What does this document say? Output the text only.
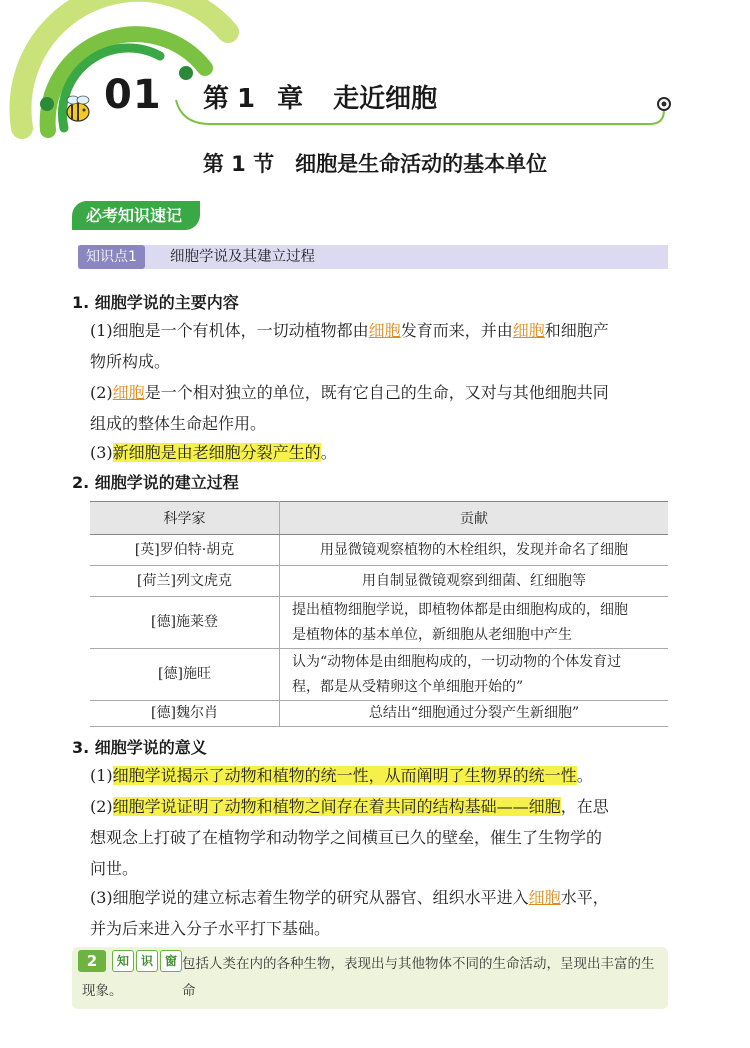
01 第 1 章 走近细胞
第 1 节　细胞是生命活动的基本单位
必考知识速记
知识点1	细胞学说及其建立过程
1. 细胞学说的主要内容
(1)细胞是一个有机体，一切动植物都由细胞发育而来，并由细胞和细胞产
物所构成。
(2)细胞是一个相对独立的单位，既有它自己的生命，又对与其他细胞共同
组成的整体生命起作用。
(3)新细胞是由老细胞分裂产生的。
2. 细胞学说的建立过程
科学家	贡献
[英]罗伯特·胡克	用显微镜观察植物的木栓组织，发现并命名了细胞
[荷兰]列文虎克	用自制显微镜观察到细菌、红细胞等
[德]施莱登	提出植物细胞学说，即植物体都是由细胞构成的，细胞
是植物体的基本单位，新细胞从老细胞中产生

[德]施旺	认为“动物体是由细胞构成的，一切动物的个体发育过
程，都是从受精卵这个单细胞开始的”

[德]魏尔肖	总结出“细胞通过分裂产生新细胞”
3. 细胞学说的意义
(1)细胞学说揭示了动物和植物的统一性，从而阐明了生物界的统一性。
(2)细胞学说证明了动物和植物之间存在着共同的结构基础——细胞，在思
想观念上打破了在植物学和动物学之间横亘已久的壁垒，催生了生物学的
问世。
(3)细胞学说的建立标志着生物学的研究从器官、组织水平进入细胞水平，
并为后来进入分子水平打下基础。
2	知 识 窗 包括人类在内的各种生物，表现出与其他物体不同的生命活动，呈现出丰富的生命
现象。
